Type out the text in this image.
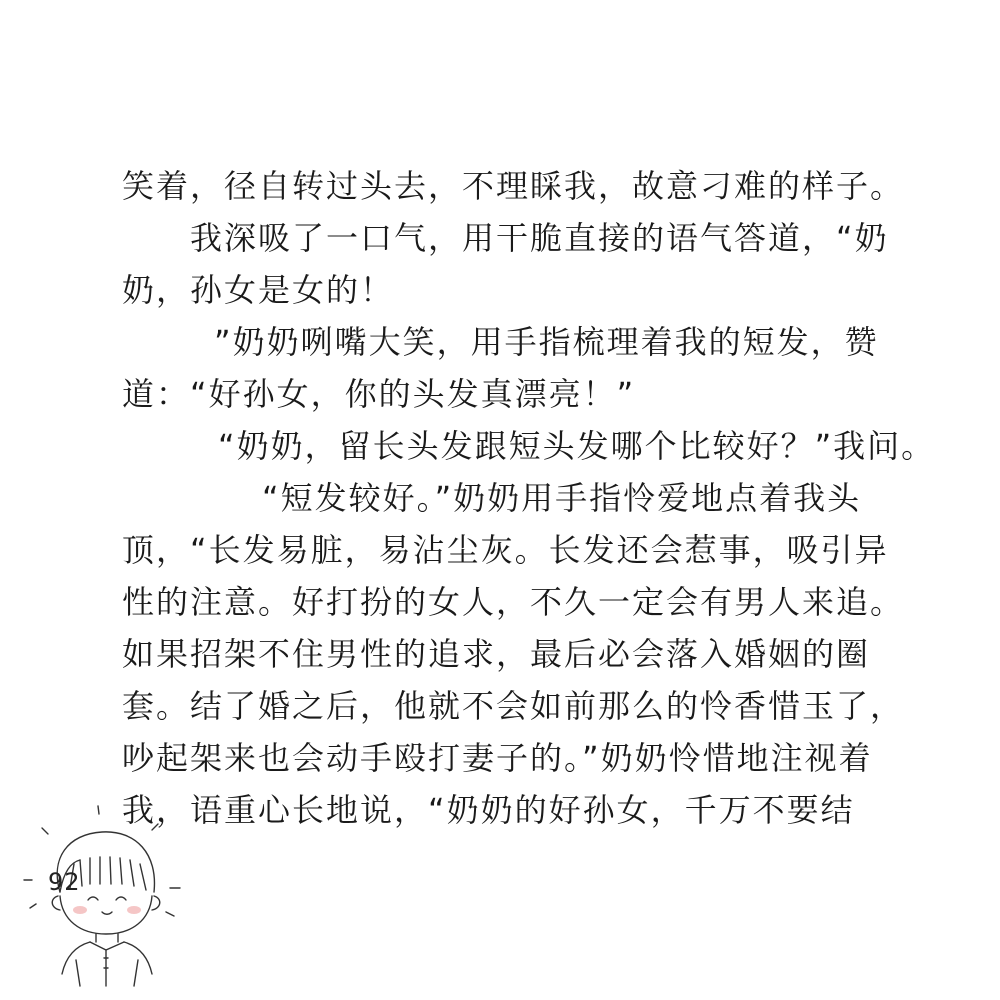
笑着，径自转过头去，不理睬我，故意刁难的样子。
我深吸了一口气，用干脆直接的语气答道，“奶
奶，孙女是女的！
”奶奶咧嘴大笑，用手指梳理着我的短发，赞
道：“好孙女，你的头发真漂亮！”
“奶奶，留长头发跟短头发哪个比较好？”我问。
“短发较好。”奶奶用手指怜爱地点着我头
顶，“长发易脏，易沾尘灰。长发还会惹事，吸引异
性的注意。好打扮的女人，不久一定会有男人来追。
如果招架不住男性的追求，最后必会落入婚姻的圈
套。结了婚之后，他就不会如前那么的怜香惜玉了，
吵起架来也会动手殴打妻子的。”奶奶怜惜地注视着
我，语重心长地说，“奶奶的好孙女，千万不要结
92
